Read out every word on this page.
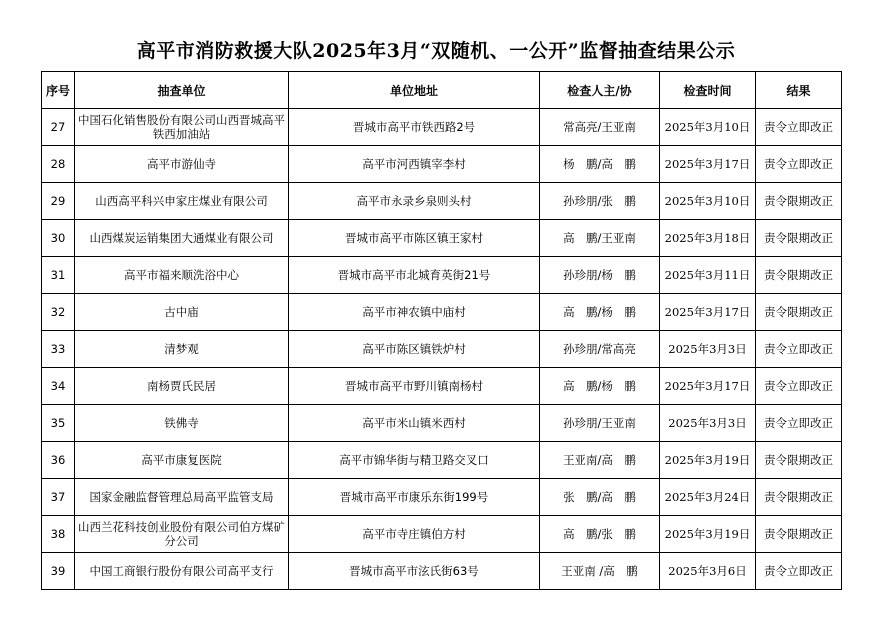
高平市消防救援大队2025年3月“双随机、一公开”监督抽查结果公示
序号	抽查单位	单位地址	检查人主/协	检查时间	结果
27	中国石化销售股份有限公司山西晋城高平铁西加油站	晋城市高平市铁西路2号	常高亮/王亚南	2025年3月10日	责令立即改正
28	高平市游仙寺	高平市河西镇宰李村	杨　鹏/高　鹏	2025年3月17日	责令立即改正
29	山西高平科兴申家庄煤业有限公司	高平市永录乡泉则头村	孙珍朋/张　鹏	2025年3月10日	责令限期改正
30	山西煤炭运销集团大通煤业有限公司	晋城市高平市陈区镇王家村	高　鹏/王亚南	2025年3月18日	责令限期改正
31	高平市福来顺洗浴中心	晋城市高平市北城育英街21号	孙珍朋/杨　鹏	2025年3月11日	责令限期改正
32	古中庙	高平市神农镇中庙村	高　鹏/杨　鹏	2025年3月17日	责令限期改正
33	清梦观	高平市陈区镇铁炉村	孙珍朋/常高亮	2025年3月3日	责令立即改正
34	南杨贾氏民居	晋城市高平市野川镇南杨村	高　鹏/杨　鹏	2025年3月17日	责令立即改正
35	铁佛寺	高平市米山镇米西村	孙珍朋/王亚南	2025年3月3日	责令立即改正
36	高平市康复医院	高平市锦华街与精卫路交叉口	王亚南/高　鹏	2025年3月19日	责令限期改正
37	国家金融监督管理总局高平监管支局	晋城市高平市康乐东街199号	张　鹏/高　鹏	2025年3月24日	责令限期改正
38	山西兰花科技创业股份有限公司伯方煤矿分公司	高平市寺庄镇伯方村	高　鹏/张　鹏	2025年3月19日	责令限期改正
39	中国工商银行股份有限公司高平支行	晋城市高平市泫氏街63号	王亚南 /高　鹏	2025年3月6日	责令立即改正
